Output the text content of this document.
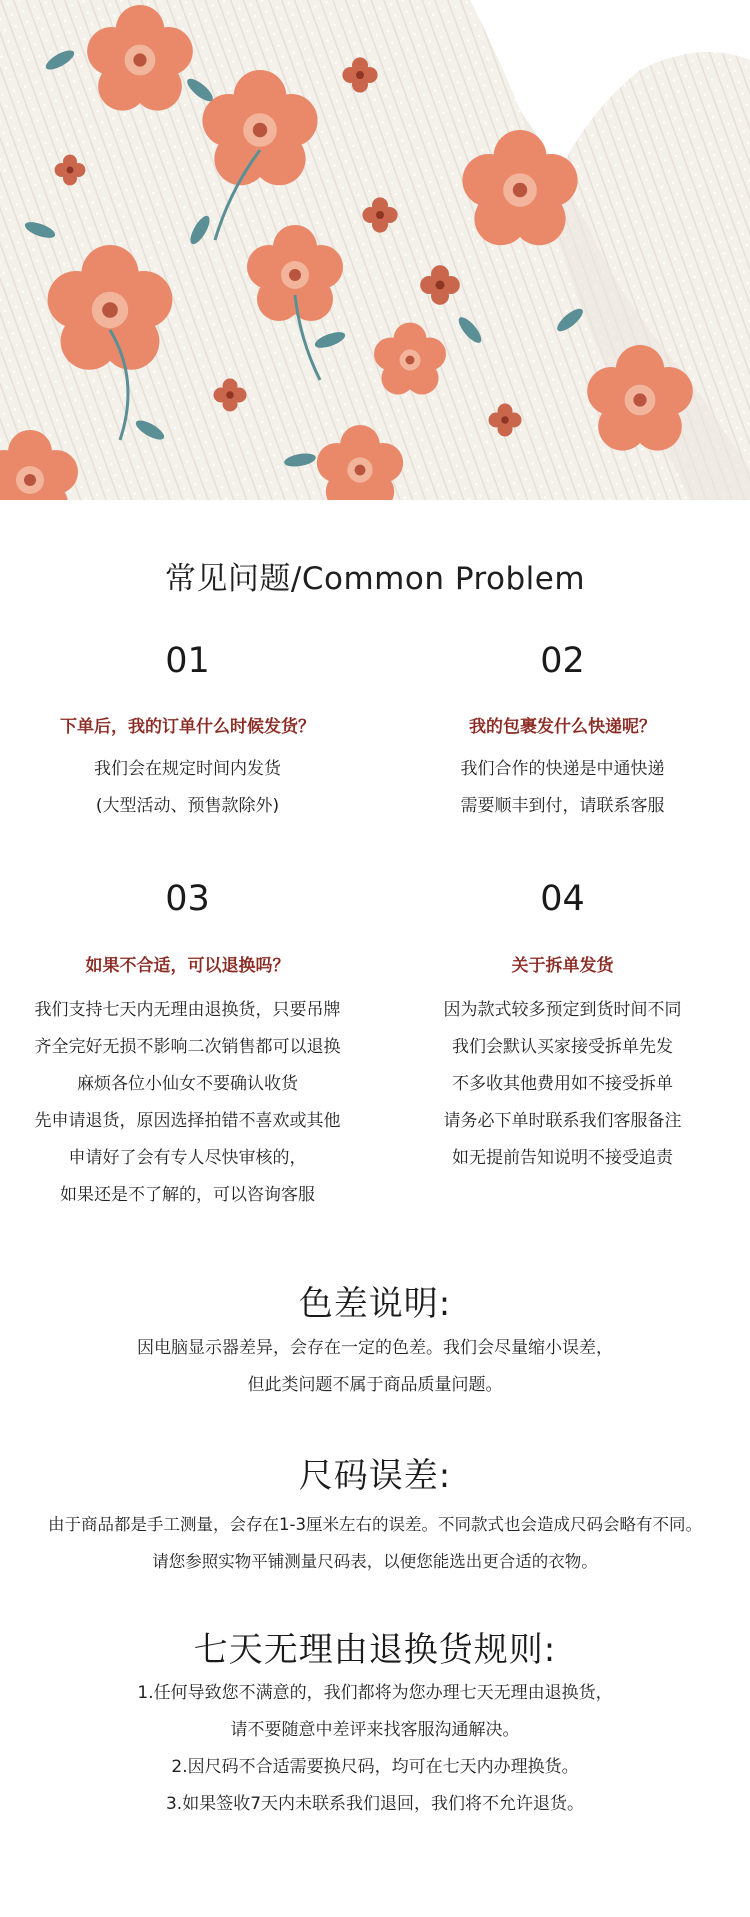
常见问题/Common Problem
01
下单后，我的订单什么时候发货？
我们会在规定时间内发货
(大型活动、预售款除外)
02
我的包裹发什么快递呢？
我们合作的快递是中通快递
需要顺丰到付，请联系客服
03
如果不合适，可以退换吗？
我们支持七天内无理由退换货，只要吊牌
齐全完好无损不影响二次销售都可以退换
麻烦各位小仙女不要确认收货
先申请退货，原因选择拍错不喜欢或其他
申请好了会有专人尽快审核的，
如果还是不了解的，可以咨询客服
04
关于拆单发货
因为款式较多预定到货时间不同
我们会默认买家接受拆单先发
不多收其他费用如不接受拆单
请务必下单时联系我们客服备注
如无提前告知说明不接受追责
色差说明:
因电脑显示器差异，会存在一定的色差。我们会尽量缩小误差，
但此类问题不属于商品质量问题。
尺码误差:
由于商品都是手工测量，会存在1-3厘米左右的误差。不同款式也会造成尺码会略有不同。
请您参照实物平铺测量尺码表，以便您能选出更合适的衣物。
七天无理由退换货规则:
1.任何导致您不满意的，我们都将为您办理七天无理由退换货，
请不要随意中差评来找客服沟通解决。
2.因尺码不合适需要换尺码，均可在七天内办理换货。
3.如果签收7天内未联系我们退回，我们将不允许退货。
